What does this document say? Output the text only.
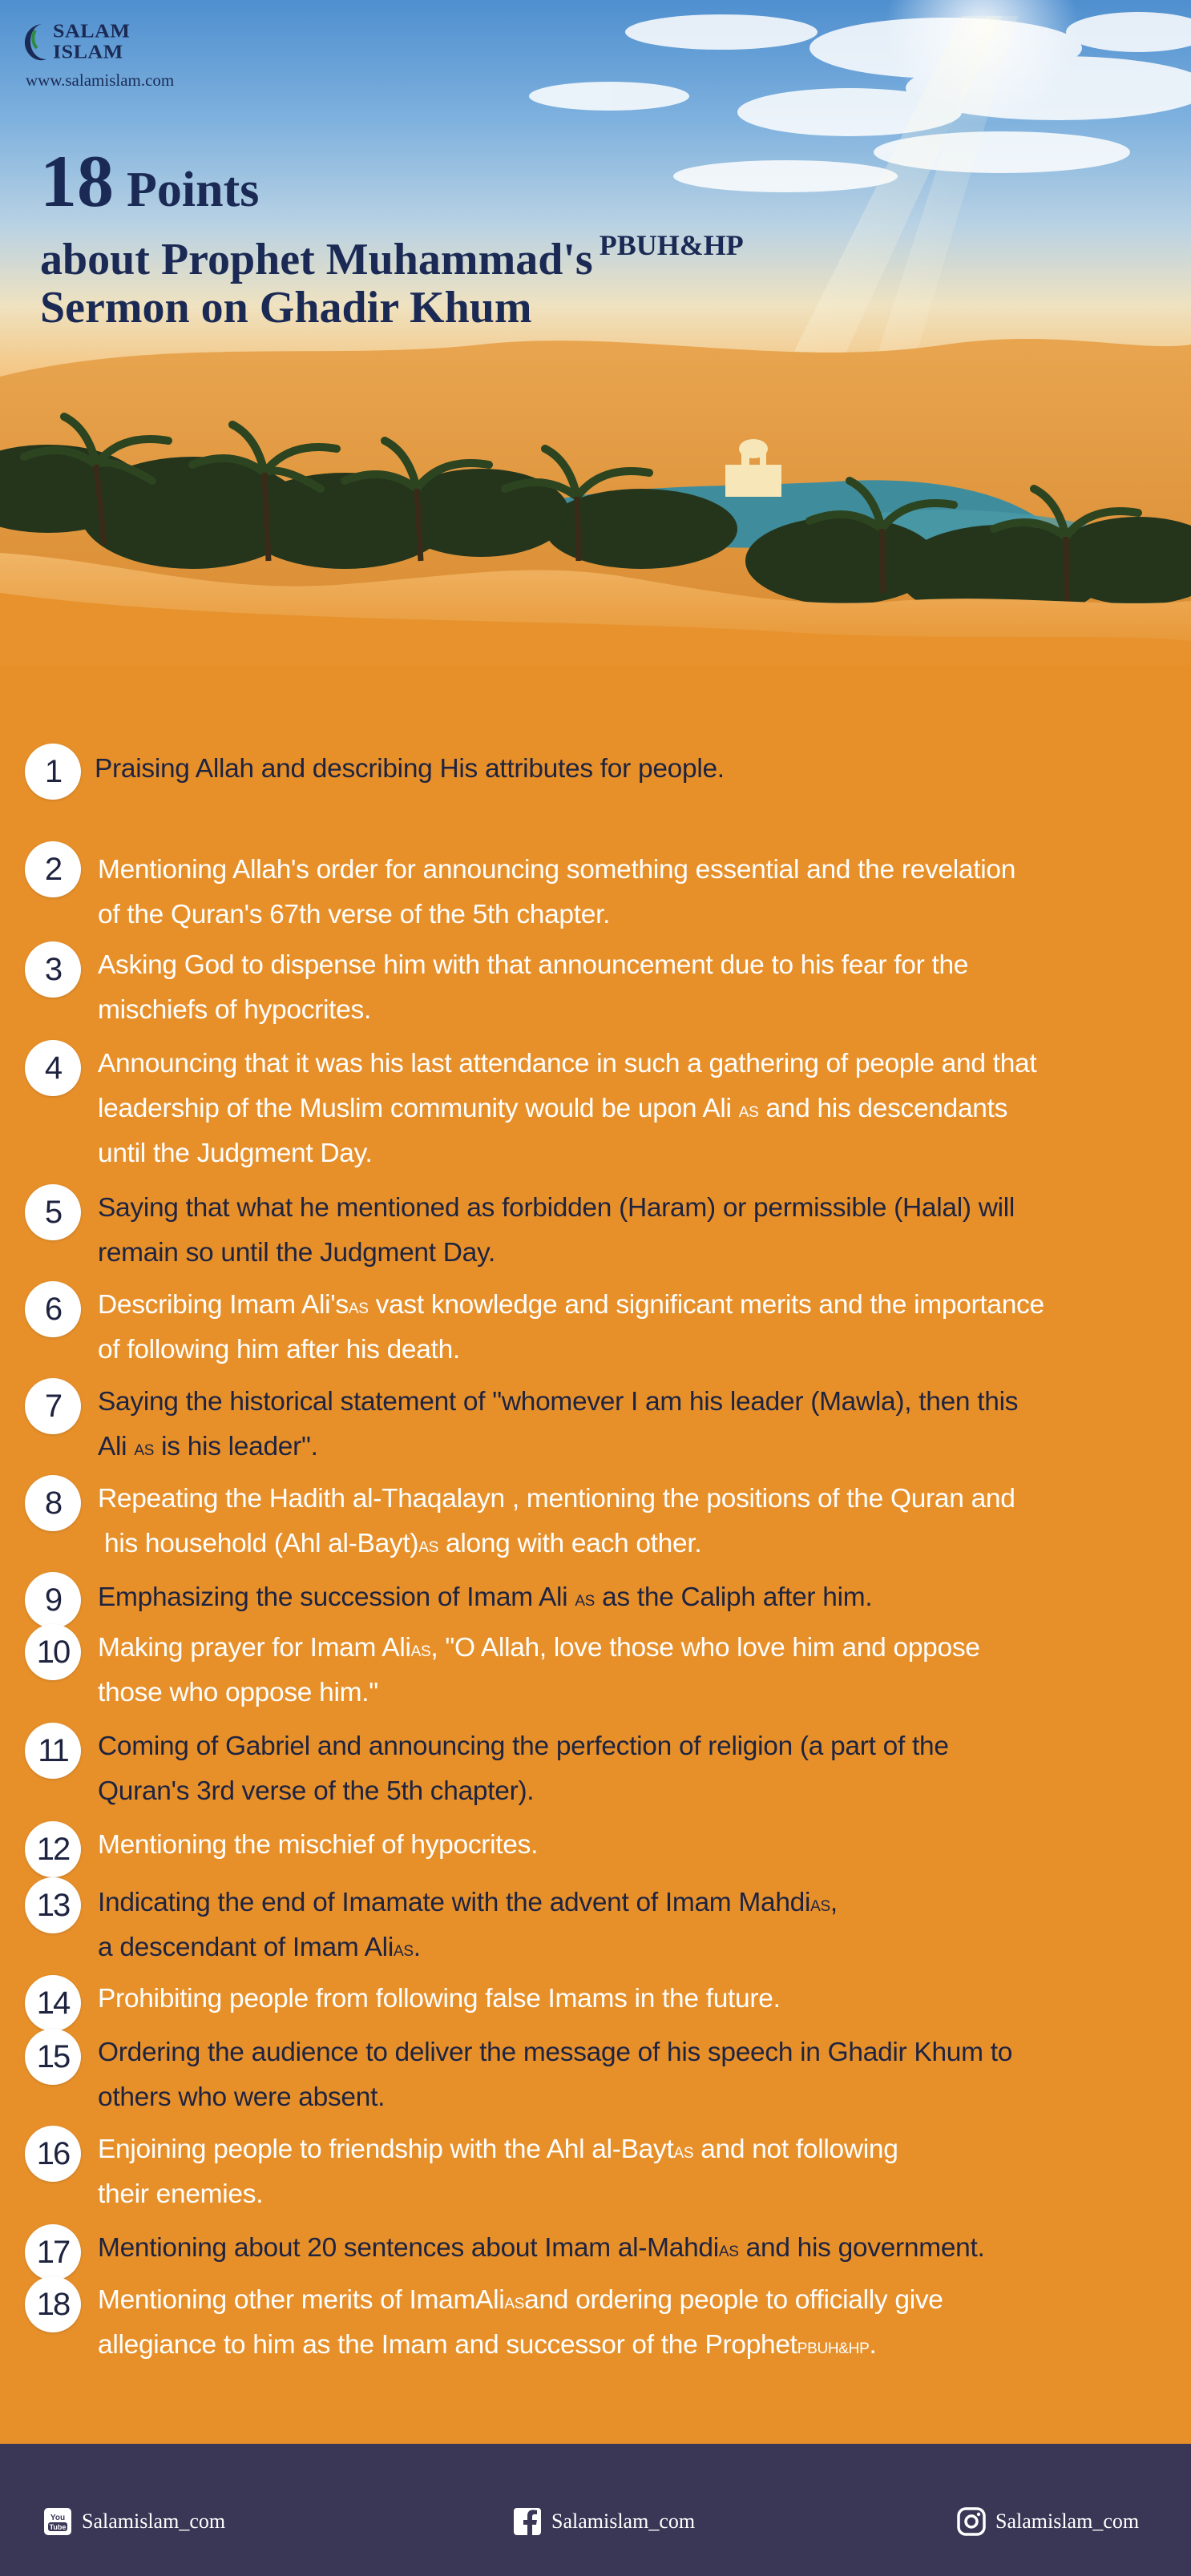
SALAM
ISLAM
www.salamislam.com
18 Points
about Prophet Muhammad's $^{PBUH\&HP}$
Sermon on Ghadir Khum
1	Praising Allah and describing His attributes for people.
2	Mentioning Allah's order for announcing something essential and the revelation
of the Quran's 67th verse of the 5th chapter.
3	Asking God to dispense him with that announcement due to his fear for the
mischiefs of hypocrites.
4	Announcing that it was his last attendance in such a gathering of people and that
leadership of the Muslim community would be upon Ali $^{AS}$ and his descendants
until the Judgment Day.
5	Saying that what he mentioned as forbidden (Haram) or permissible (Halal) will
remain so until the Judgment Day.
6	Describing Imam $Ali's^{AS}$ vast knowledge and significant merits and the importance
of following him after his death.
7	Saying the historical statement of "whomever I am his leader (Mawla), then this
Ali $^{AS}$ is his leader".
8	Repeating the Hadith al-Thaqalayn , mentioning the positions of the Quran and
his household (Ahl al-Bayt)$^{AS}$ along with each other.
9	Emphasizing the succession of Imam Ali $^{AS}$ as the Caliph after him.
10	Making prayer for Imam Ali$^{AS}$, "O Allah, love those who love him and oppose
those who oppose him."
11	Coming of Gabriel and announcing the perfection of religion (a part of the
Quran's 3rd verse of the 5th chapter).
12	Mentioning the mischief of hypocrites.
13	Indicating the end of Imamate with the advent of Imam Mahdi$^{AS}$,
a descendant of Imam Ali$^{AS}$.
14	Prohibiting people from following false Imams in the future.
15	Ordering the audience to deliver the message of his speech in Ghadir Khum to
others who were absent.
16	Enjoining people to friendship with the Ahl al-Bayt$^{AS}$ and not following
their enemies.
17	Mentioning about 20 sentences about Imam al-Mahdi$^{AS}$ and his government.
18	Mentioning other merits of ImamAli$^{AS}$and ordering people to officially give
allegiance to him as the Imam and successor of the Prophet$^{PBUH\&HP}$.
You
Tube Salamislam_com	Salamislam_com	Salamislam_com
